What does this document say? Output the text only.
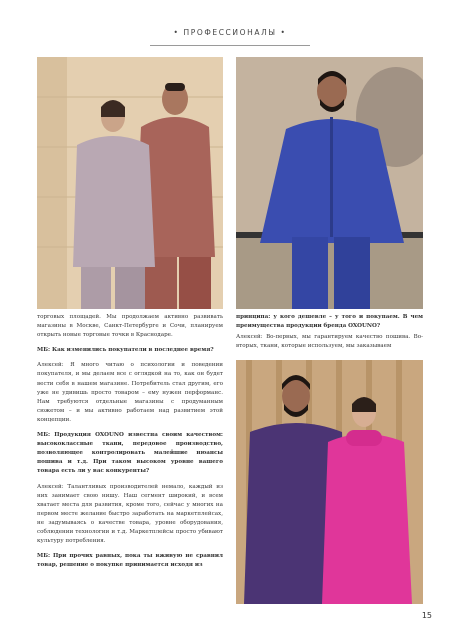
• ПРОФЕССИОНАЛЫ •

торговых площадей. Мы продолжаем активно развивать магазины в Москве, Санкт-Петербурге и Сочи, планируем открыть новые торговые точки в Краснодаре.

МБ: Как изменились покупатели в последнее время?

Алексей: Я много читаю о психологии и поведении покупателя, и мы делаем все с оглядкой на то, как он будет вести себя в нашем магазине. Потребитель стал другим, его уже не удивишь просто товаром – ему нужен перформанс. Нам требуются отдельные магазины с продуманным сюжетом – и мы активно работаем над развитием этой концепции.

МБ: Продукция OXOUNO известна своим качеством: высококлассные ткани, передовое производство, позволяющее контролировать малейшие нюансы пошива и т.д. При таком высоком уровне вашего товара есть ли у вас конкуренты?

Алексей: Талантливых производителей немало, каждый из них занимает свою нишу. Наш сегмент широкий, и всем хватает места для развития, кроме того, сейчас у многих на первом месте желание быстро заработать на маркетплейсах, не задумываясь о качестве товара, уровне оборудования, соблюдении технологии и т.д. Маркетплейсы просто убивают культуру потребления.

МБ: При прочих равных, пока ты вживую не сравнил товар, решение о покупке принимается исходя из

принципа: у кого дешевле – у того и покупаем. В чем преимущества продукции бренда OXOUNO?

Алексей: Во-первых, мы гарантируем качество пошива. Во-вторых, ткани, которые используем, мы заказываем

15
